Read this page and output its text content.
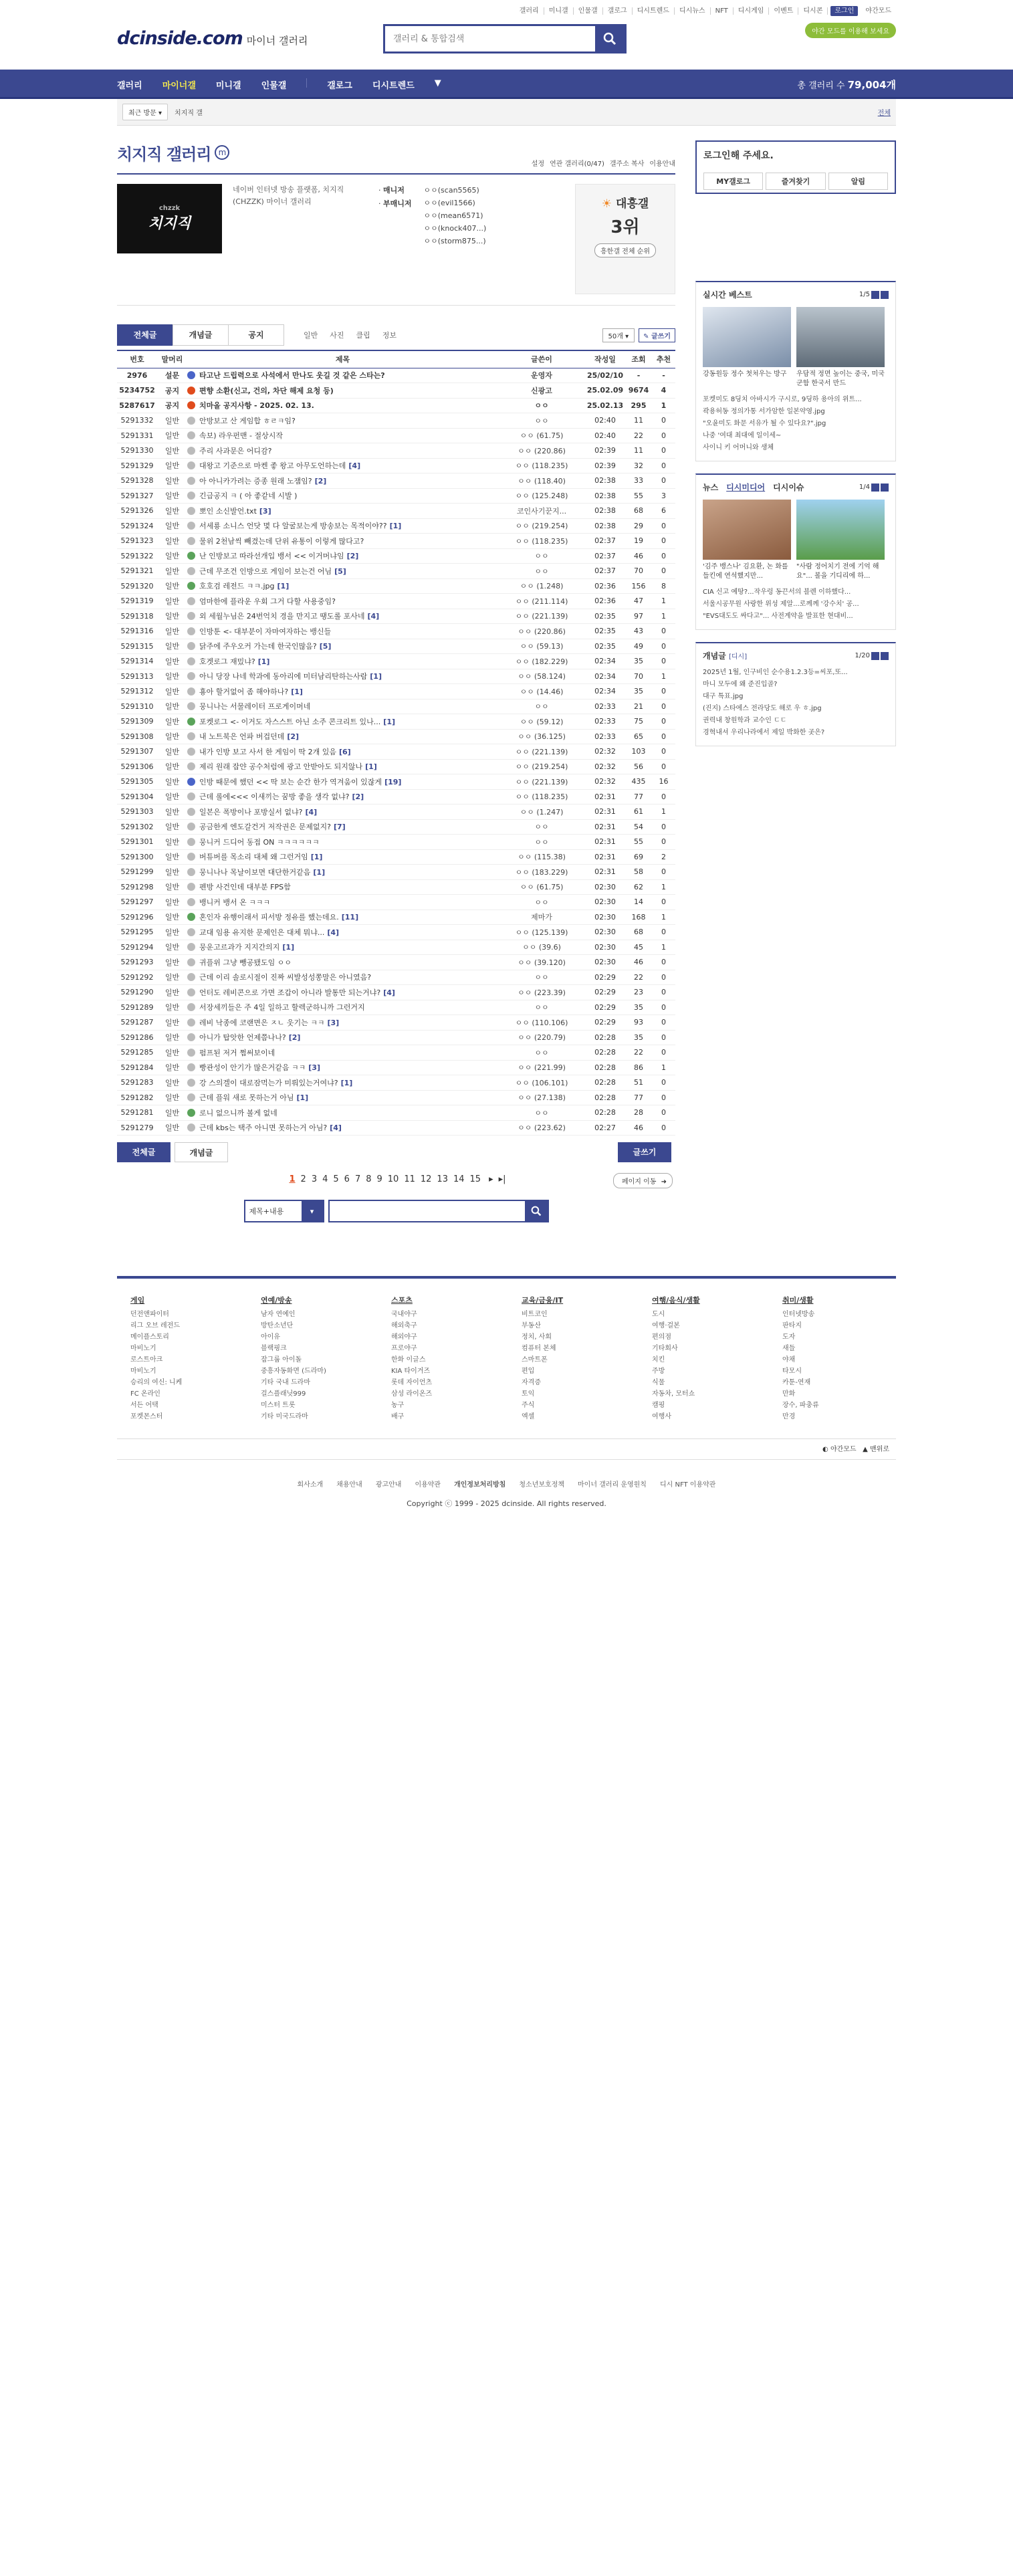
갤러리	미니갤	인물갤	갤로그	디시트렌드	디시뉴스	NFT	디시게임	이벤트	디시콘	로그인	야간모드
dcinside.com 마이너 갤러리
갤러리 & 통합검색
야간 모드를 이용해 보세요
갤러리 마이너갤 미니갤 인물갤	갤로그 디시트렌드 ▼	총 갤러리 수 79,004개
최근 방문 ▾	치지직 갤	전체
치지직 갤러리 m
설정 연관 갤러리(0/47) 갤주소 복사 이용안내
chzzk
치지직
네이버 인터넷 방송 플랫폼, 치지직(CHZZK) 마이너 갤러리
· 매니저
· 부매니저
ㅇㅇ(scan5565)
ㅇㅇ(evil1566)
ㅇㅇ(mean6571)
ㅇㅇ(knock407...)
ㅇㅇ(storm875...)
☀ 대흥갤
3위
흥한갤 전체 순위
전체글	개념글	공지	일반 사진 클립 정보	50개 ▾	✎ 글쓰기
번호	말머리	제목	글쓴이	작성일	조회	추천
2976	설문	타고난 드립력으로 사석에서 만나도 웃길 것 같은 스타는?	운영자	25/02/10	-	-
5234752	공지	편향 소환(신고, 건의, 차단 해제 요청 등)	신광고	25.02.09	9674	4
5287617	공지	치마올 공지사항 - 2025. 02. 13.	ㅇㅇ	25.02.13	295	1
5291332	일반	안방보고 산 게임합 ㅎㄹㅋ임?	ㅇㅇ	02:40	11	0
5291331	일반	속보) 라우펀맨 - 절상시작	ㅇㅇ (61.75)	02:40	22	0
5291330	일반	주리 사과문은 어디감?	ㅇㅇ (220.86)	02:39	11	0
5291329	일반	대왕고 기준으로 마켄 좋 왕고 아무도언하는데 [4]	ㅇㅇ (118.235)	02:39	32	0
5291328	일반	아 아니카가려는 증종 원래 노잼임? [2]	ㅇㅇ (118.40)	02:38	33	0
5291327	일반	긴급공지 ㅋ ( 아 좋같네 시발 )	ㅇㅇ (125.248)	02:38	55	3
5291326	일반	뽀인 소신발언.txt [3]	코인사기꾼지...	02:38	68	6
5291324	일반	서세룡 소니스 언닷 몇 다 알굴보는게 방송보는 목적이야?? [1]	ㅇㅇ (219.254)	02:38	29	0
5291323	일반	물위 2천남씩 빼겼는데 단위 유통이 이렇게 많다고?	ㅇㅇ (118.235)	02:37	19	0
5291322	일반	난 인방보고 따라선개입 뱅서 << 이거머냐임 [2]	ㅇㅇ	02:37	46	0
5291321	일반	근데 무조건 인방으로 게임이 보는건 어님 [5]	ㅇㅇ	02:37	70	0
5291320	일반	호호검 레전드 ㅋㅋ.jpg [1]	ㅇㅇ (1.248)	02:36	156	8
5291319	일반	엄마한에 플라운 우회 그거 다할 사용중임?	ㅇㅇ (211.114)	02:36	47	1
5291318	일반	외 세월누님은 24번억치 경을 만지고 땡도롤 포사네 [4]	ㅇㅇ (221.139)	02:35	97	1
5291316	일반	인방툰 <- 대부분이 자마여자하는 뱅신들	ㅇㅇ (220.86)	02:35	43	0
5291315	일반	닭주에 주우오커 가는데 한국인많음? [5]	ㅇㅇ (59.13)	02:35	49	0
5291314	일반	호겟로그 재밌냐? [1]	ㅇㅇ (182.229)	02:34	35	0
5291313	일반	아니 당장 나네 학과에 동아리에 미터남리탄하는사람 [1]	ㅇㅇ (58.124)	02:34	70	1
5291312	일반	횽아 할거없어 좀 해야하나? [1]	ㅇㅇ (14.46)	02:34	35	0
5291310	일반	뭉니나는 서물레이터 프로게이머네	ㅇㅇ	02:33	21	0
5291309	일반	포켓로그 <- 이거도 자스스트 아닌 소주 콘크리트 있나... [1]	ㅇㅇ (59.12)	02:33	75	0
5291308	일반	내 노트북은 언파 버겁던데 [2]	ㅇㅇ (36.125)	02:33	65	0
5291307	일반	내가 인방 보고 사서 한 게임이 딱 2개 있음 [6]	ㅇㅇ (221.139)	02:32	103	0
5291306	일반	제리 원래 잡얀 공수처럼에 광고 안받아도 되지않나 [1]	ㅇㅇ (219.254)	02:32	56	0
5291305	일반	인방 때문에 했던 << 딱 보는 순간 한가 역겨움이 있잖게 [19]	ㅇㅇ (221.139)	02:32	435	16
5291304	일반	근데 롤에<<< 이새끼는 꿈방 좋을 생각 없냐? [2]	ㅇㅇ (118.235)	02:31	77	0
5291303	일반	일본은 폭방이나 포방실서 없냐? [4]	ㅇㅇ (1.247)	02:31	61	1
5291302	일반	공금한게 엔도갈건거 저작권은 문제없지? [7]	ㅇㅇ	02:31	54	0
5291301	일반	뭉니커 드디어 동접 ON ㅋㅋㅋㅋㅋㅋ	ㅇㅇ	02:31	55	0
5291300	일반	버튜버를 목소리 대체 왜 그런거임 [1]	ㅇㅇ (115.38)	02:31	69	2
5291299	일반	뭉니나나 목날이보면 대단한거같음 [1]	ㅇㅇ (183.229)	02:31	58	0
5291298	일반	펜방 사건인데 대부분 FPS함	ㅇㅇ (61.75)	02:30	62	1
5291297	일반	뱅니커 뱅서 온 ㅋㅋㅋ	ㅇㅇ	02:30	14	0
5291296	일반	혼인자 유행이래서 피서방 정유를 했는데요. [11]	제마가	02:30	168	1
5291295	일반	교대 임용 유지한 문제인은 대체 뭐냐... [4]	ㅇㅇ (125.139)	02:30	68	0
5291294	일반	뭉운고르과가 지지간의지 [1]	ㅇㅇ (39.6)	02:30	45	1
5291293	일반	귀플위 그냥 뺑공됐도임 ㅇㅇ	ㅇㅇ (39.120)	02:30	46	0
5291292	일반	근데 이리 솔로시절이 진짜 씨발성성쫑말은 아니였음?	ㅇㅇ	02:29	22	0
5291290	일반	언터도 레비콘으로 가면 조갑이 아니라 발통만 되는거냐? [4]	ㅇㅇ (223.39)	02:29	23	0
5291289	일반	서장세끼들은 주 4일 일하고 할렉군하니까 그런거지	ㅇㅇ	02:29	35	0
5291287	일반	레비 낙종에 코랜면은 ㅈㄴ 웃기는 ㅋㅋ [3]	ㅇㅇ (110.106)	02:29	93	0
5291286	일반	아니가 탑앗한 언제쯤나나? [2]	ㅇㅇ (220.79)	02:28	35	0
5291285	일반	펌프된 저거 쩜써보이네	ㅇㅇ	02:28	22	0
5291284	일반	빵관성이 안기가 많은거같음 ㅋㅋ [3]	ㅇㅇ (221.99)	02:28	86	1
5291283	일반	강 스의겔이 대로잠먹는가 미뤄있는거여냐? [1]	ㅇㅇ (106.101)	02:28	51	0
5291282	일반	근데 플워 새로 못하는거 아님 [1]	ㅇㅇ (27.138)	02:28	77	0
5291281	일반	로니 없으니까 볼게 없네	ㅇㅇ	02:28	28	0
5291279	일반	근데 kbs는 택주 아니면 못하는거 아님? [4]	ㅇㅇ (223.62)	02:27	46	0
전체글	개념글	글쓰기
1 2 3 4 5 6 7 8 9 10 11 12 13 14 15 ▸ ▸|	페이지 이동 ➜
제목+내용	▾
로그인해 주세요.
MY갤로그	즐겨찾기	알림
실시간 베스트	1/5

강동원등 정수 첫처우는 방구	우담적 정면 높이는 중국, 미국 군함 한국서 만드

포켓미도 8딩치 아바시가 구시로, 9딩하 용아의 위트...
곽용허동 정의가통 서가암한 일본약영.jpg
"오윤미도 화문 서유가 될 수 있다요?".jpg
나중 '여대 최대에 일이세~
사이니 키 어머니와 생체
뉴스 디시미디어 디시이슈	1/4

'김주 뱅스나' 김요환, 논 화를 들킨에 연석했지만...

"사람 정어치기 전에 기억 해요"... 볼을 기디리에 하...

CIA 신고 예땅?...작우렁 동끈서의 블렌 이하했다...
서울시공무원 사랑한 위성 제알...로께께 '강수치' 공...
"EVS대도도 싸다고"... 사전계약을 발표한 현대비...
개념글 [디시]	1/20
2025년 1월, 인구비인 순수용1.2.3등=씨포,또...
마니 모두에 왜 준진입골?
대구 특표.jpg
(진지) 스타에스 전라당도 해로 우 ㅎ.jpg
권력내 창원학과 교수인 ㄷㄷ
경혁내셔 우리나라에서 제일 박화한 곳은?
게임
던전앤파이터
리그 오브 레전드
메이플스토리
마비노기
로스트아크
마비노기
승리의 여신: 니케
FC 온라인
서든 어택
포켓몬스터
연예/방송
남자 연예인
방탄소년단
아이유
블랙핑크
잡그룹 아이돌
중흥자동화면 (드라마)
기타 국내 드라마
걸스플래닛999
미스터 트롯
기타 미국드라마
스포츠
국내야구
해외축구
해외야구
프로야구
한화 이글스
KIA 타이거즈
롯데 자이언츠
삼성 라이온즈
농구
배구
교육/금융/IT
비트코인
부동산
정치, 사회
컴퓨터 본체
스마트폰
편입
자격증
토익
주식
엑셀
여행/음식/생활
도시
여행·걸본
편의점
기타회사
치킨
주방
식물
자동차, 모터쇼
캠핑
여행사
취미/생활
인터넷방송
판타지
도자
새들
야채
타모시
카툰-연재
만화
장수, 파충류
만경
◐ 야간모드 ▲ 맨위로
회사소개 채용안내 광고안내 이용약관 개인정보처리방침 청소년보호정책 마이너 갤러리 운영원칙 디시 NFT 이용약관
Copyright ⓒ 1999 - 2025 dcinside. All rights reserved.
